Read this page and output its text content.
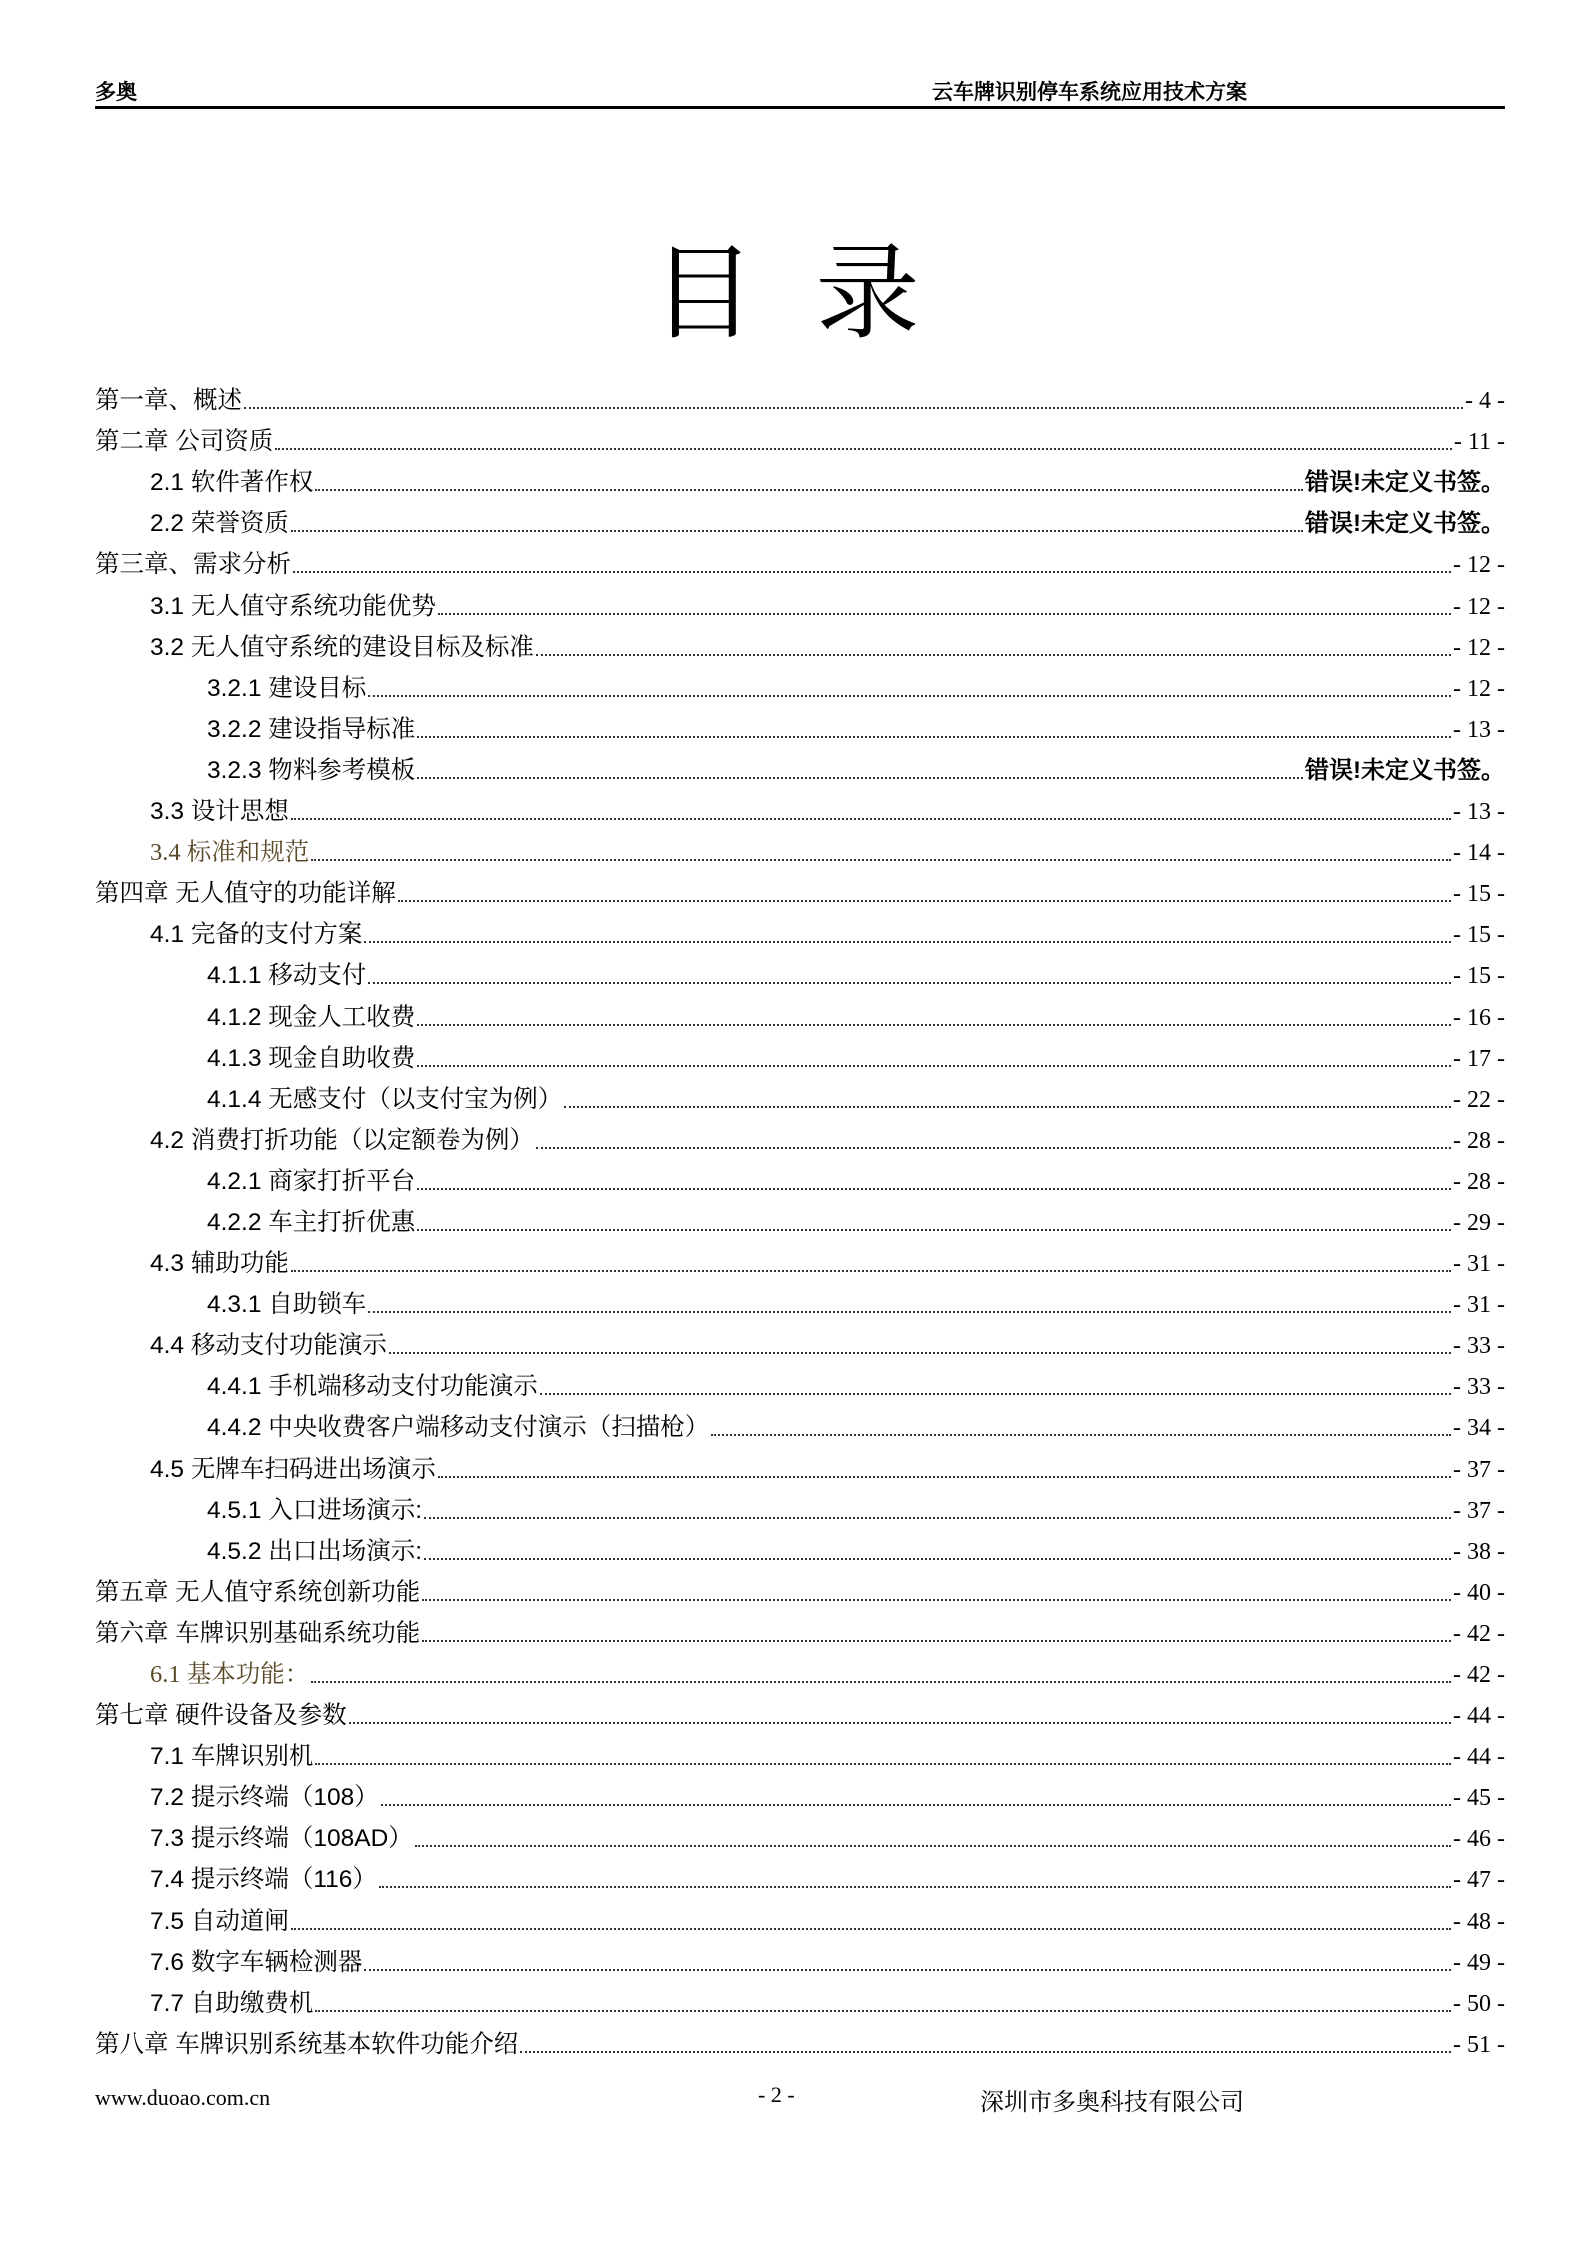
多奥	云车牌识别停车系统应用技术方案
目录
第一章、概述	- 4 -
第二章 公司资质	- 11 -
2.1 软件著作权	错误!未定义书签。
2.2 荣誉资质	错误!未定义书签。
第三章、需求分析	- 12 -
3.1 无人值守系统功能优势	- 12 -
3.2 无人值守系统的建设目标及标准	- 12 -
3.2.1 建设目标	- 12 -
3.2.2 建设指导标准	- 13 -
3.2.3 物料参考模板	错误!未定义书签。
3.3 设计思想	- 13 -
3.4 标准和规范	- 14 -
第四章 无人值守的功能详解	- 15 -
4.1 完备的支付方案	- 15 -
4.1.1 移动支付	- 15 -
4.1.2 现金人工收费	- 16 -
4.1.3 现金自助收费	- 17 -
4.1.4 无感支付（以支付宝为例）	- 22 -
4.2 消费打折功能（以定额卷为例）	- 28 -
4.2.1 商家打折平台	- 28 -
4.2.2 车主打折优惠	- 29 -
4.3 辅助功能	- 31 -
4.3.1 自助锁车	- 31 -
4.4 移动支付功能演示	- 33 -
4.4.1 手机端移动支付功能演示	- 33 -
4.4.2 中央收费客户端移动支付演示（扫描枪）	- 34 -
4.5 无牌车扫码进出场演示	- 37 -
4.5.1 入口进场演示:	- 37 -
4.5.2 出口出场演示:	- 38 -
第五章 无人值守系统创新功能	- 40 -
第六章 车牌识别基础系统功能	- 42 -
6.1 基本功能：	- 42 -
第七章 硬件设备及参数	- 44 -
7.1 车牌识别机	- 44 -
7.2 提示终端（108）	- 45 -
7.3 提示终端（108AD）	- 46 -
7.4 提示终端（116）	- 47 -
7.5 自动道闸	- 48 -
7.6 数字车辆检测器	- 49 -
7.7 自助缴费机	- 50 -
第八章 车牌识别系统基本软件功能介绍	- 51 -
www.duoao.com.cn	- 2 -	深圳市多奥科技有限公司
